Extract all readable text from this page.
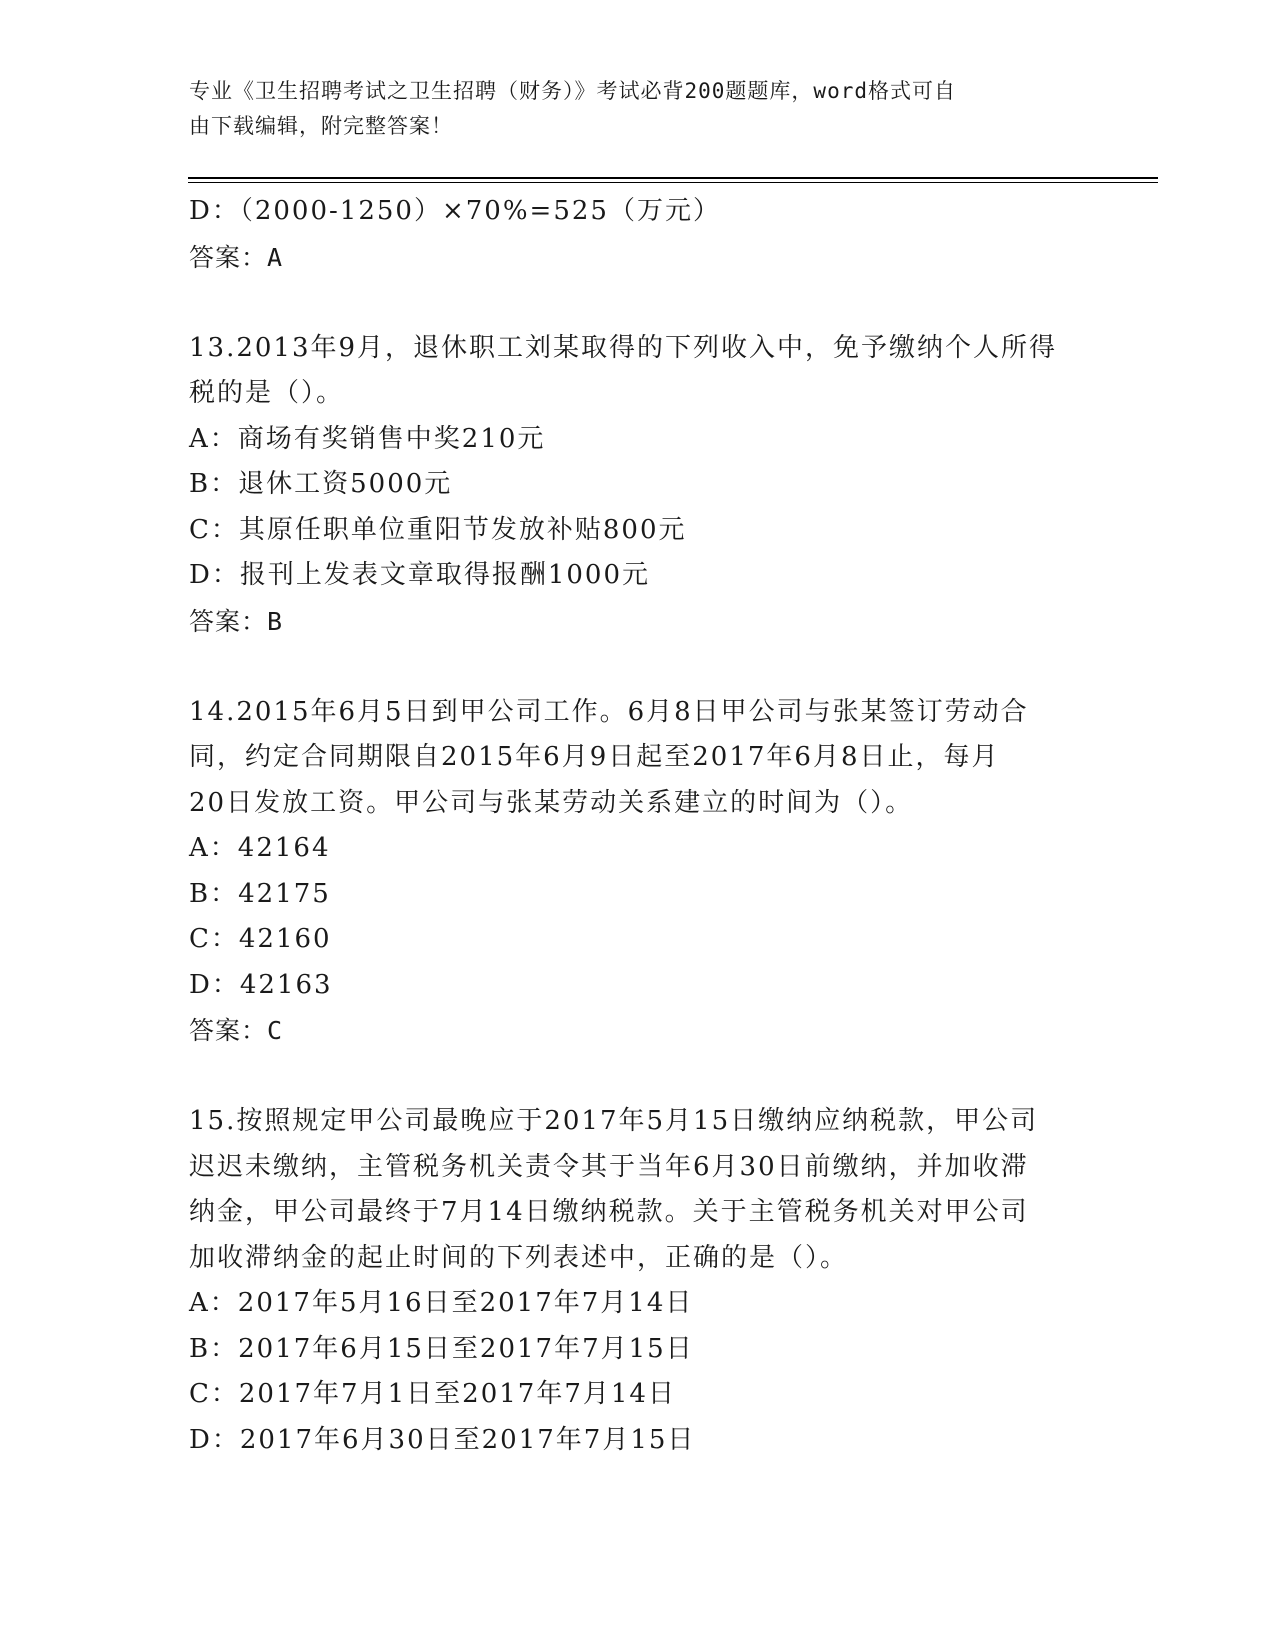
专业《卫生招聘考试之卫生招聘（财务）》考试必背200题题库，word格式可自
由下载编辑，附完整答案！
D：（2000-1250）×70%=525（万元）
答案：A
13.2013年9月，退休职工刘某取得的下列收入中，免予缴纳个人所得
税的是（）。
A：商场有奖销售中奖210元
B：退休工资5000元
C：其原任职单位重阳节发放补贴800元
D：报刊上发表文章取得报酬1000元
答案：B
14.2015年6月5日到甲公司工作。6月8日甲公司与张某签订劳动合
同，约定合同期限自2015年6月9日起至2017年6月8日止，每月
20日发放工资。甲公司与张某劳动关系建立的时间为（）。
A：42164
B：42175
C：42160
D：42163
答案：C
15.按照规定甲公司最晚应于2017年5月15日缴纳应纳税款，甲公司
迟迟未缴纳，主管税务机关责令其于当年6月30日前缴纳，并加收滞
纳金，甲公司最终于7月14日缴纳税款。关于主管税务机关对甲公司
加收滞纳金的起止时间的下列表述中，正确的是（）。
A：2017年5月16日至2017年7月14日
B：2017年6月15日至2017年7月15日
C：2017年7月1日至2017年7月14日
D：2017年6月30日至2017年7月15日
